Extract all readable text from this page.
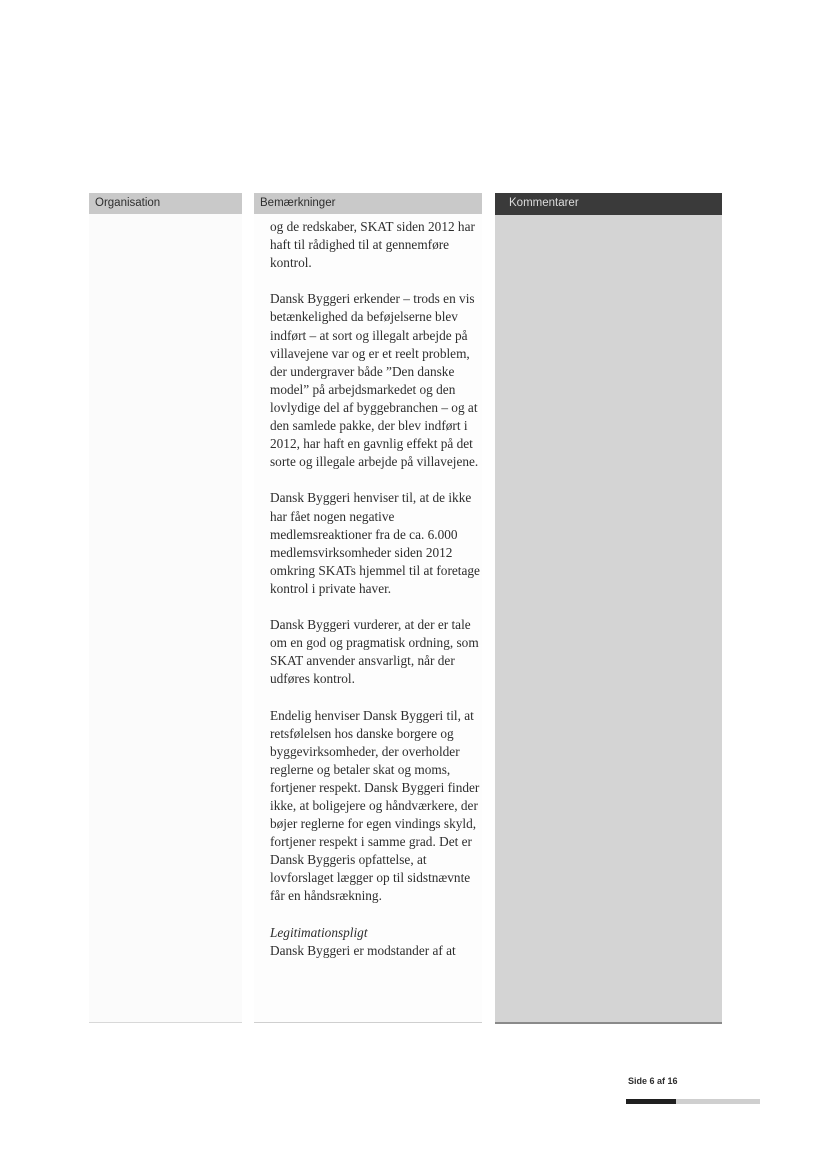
Organisation	Bemærkninger	Kommentarer

og de redskaber, SKAT siden 2012 har haft til rådighed til at gennemføre kontrol.

Dansk Byggeri erkender – trods en vis betænkelighed da beføjelserne blev indført – at sort og illegalt arbejde på villavejene var og er et reelt problem, der undergraver både ”Den danske model” på arbejdsmarkedet og den lovlydige del af byggebranchen – og at den samlede pakke, der blev indført i 2012, har haft en gavnlig effekt på det sorte og illegale arbejde på villavejene.

Dansk Byggeri henviser til, at de ikke har fået nogen negative medlemsreaktioner fra de ca. 6.000 medlemsvirksomheder siden 2012 omkring SKATs hjemmel til at foretage kontrol i private haver.

Dansk Byggeri vurderer, at der er tale om en god og pragmatisk ordning, som SKAT anvender ansvarligt, når der udføres kontrol.

Endelig henviser Dansk Byggeri til, at retsfølelsen hos danske borgere og byggevirksomheder, der overholder reglerne og betaler skat og moms, fortjener respekt. Dansk Byggeri finder ikke, at boligejere og håndværkere, der bøjer reglerne for egen vindings skyld, fortjener respekt i samme grad. Det er Dansk Byggeris opfattelse, at lovforslaget lægger op til sidstnævnte får en håndsrækning.

Legitimationspligt

Dansk Byggeri er modstander af at

Side 6 af 16
